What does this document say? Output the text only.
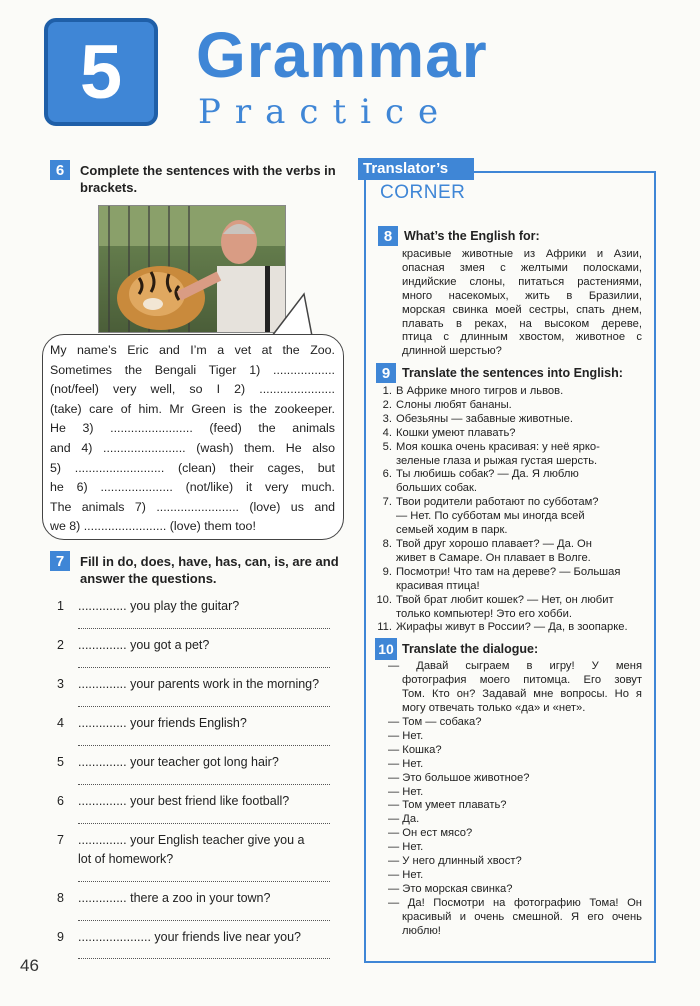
5	Grammar
Practice
6	Complete the sentences with the verbs in
brackets.
My name’s Eric and I’m a vet at the Zoo.
Sometimes the Bengali Tiger 1) ..................
(not/feel) very well, so I 2) ......................
(take) care of him. Mr Green is the zookeeper.
He 3) ........................ (feed) the animals
and 4) ........................ (wash) them. He also
5) .......................... (clean) their cages, but
he 6) ..................... (not/like) it very much.
The animals 7) ........................ (love) us and
we 8) ........................ (love) them too!
7	Fill in do, does, have, has, can, is, are and
answer the questions.
1 .............. you play the guitar?
2 .............. you got a pet?
3 .............. your parents work in the morning?
4 .............. your friends English?
5 .............. your teacher got long hair?
6 .............. your best friend like football?
7 .............. your English teacher give you a
lot of homework?
8 .............. there a zoo in your town?
9 ..................... your friends live near you?
Translator’s
CORNER
8 What’s the English for:
красивые животные из Африки и Азии,
опасная змея с желтыми полосками,
индийские слоны, питаться растениями,
много насекомых, жить в Бразилии,
морская свинка моей сестры, спать днем,
плавать в реках, на высоком дереве,
птица с длинным хвостом, животное с
длинной шерстью?
9 Translate the sentences into English:
1. В Африке много тигров и львов.
2. Слоны любят бананы.
3. Обезьяны — забавные животные.
4. Кошки умеют плавать?
5. Моя кошка очень красивая: у неё ярко-
зеленые глаза и рыжая густая шерсть.
6. Ты любишь собак? — Да. Я люблю
больших собак.
7. Твои родители работают по субботам?
— Нет. По субботам мы иногда всей
семьей ходим в парк.
8. Твой друг хорошо плавает? — Да. Он
живет в Самаре. Он плавает в Волге.
9. Посмотри! Что там на дереве? — Большая
красивая птица!
10. Твой брат любит кошек? — Нет, он любит
только компьютер! Это его хобби.
11. Жирафы живут в России? — Да, в зоопарке.
10 Translate the dialogue:
— Давай сыграем в игру! У меня
фотография моего питомца. Его зовут
Том. Кто он? Задавай мне вопросы. Но я
могу отвечать только «да» и «нет».
— Том — собака?
— Нет.
— Кошка?
— Нет.
— Это большое животное?
— Нет.
— Том умеет плавать?
— Да.
— Он ест мясо?
— Нет.
— У него длинный хвост?
— Нет.
— Это морская свинка?
— Да! Посмотри на фотографию Тома! Он
красивый и очень смешной. Я его очень
люблю!
46
